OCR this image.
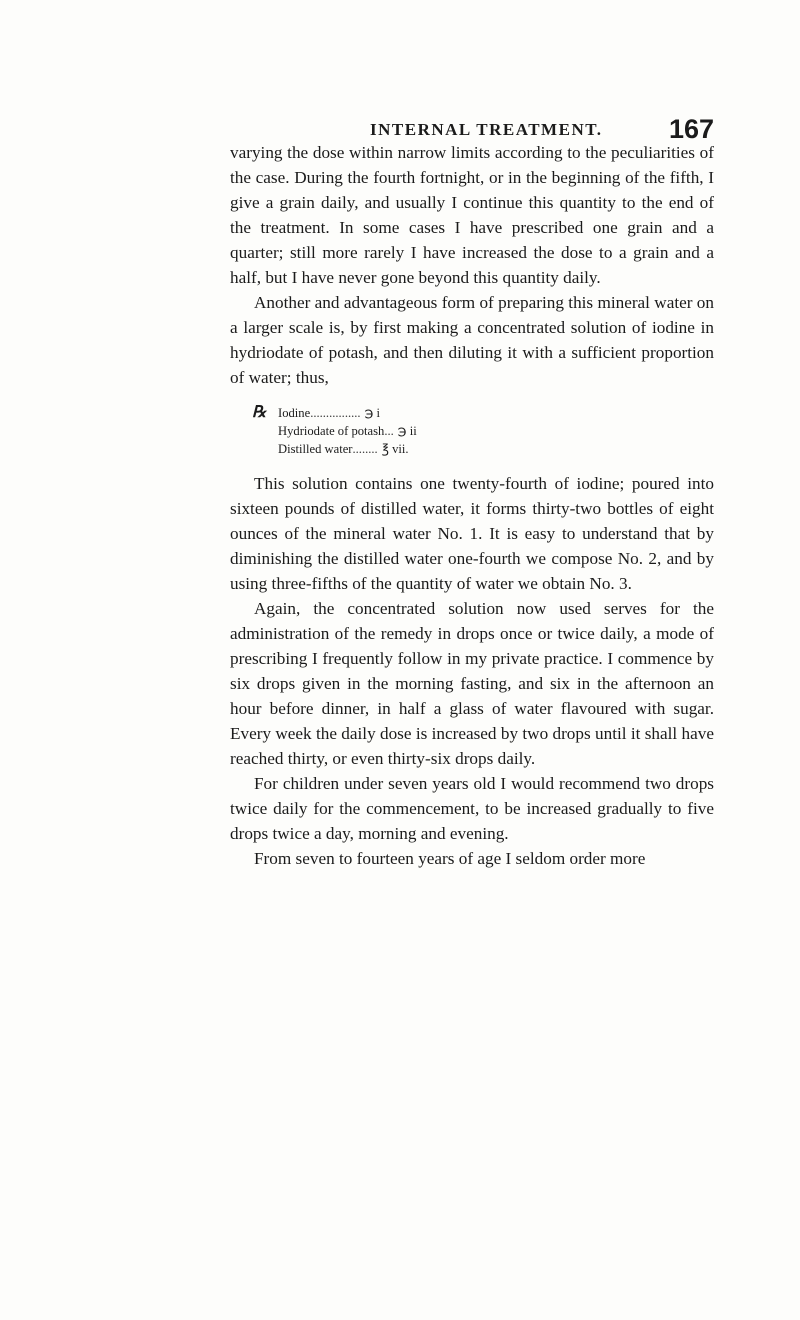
INTERNAL TREATMENT. 167

varying the dose within narrow limits according to the peculiarities of the case. During the fourth fortnight, or in the beginning of the fifth, I give a grain daily, and usually I continue this quantity to the end of the treatment. In some cases I have prescribed one grain and a quarter; still more rarely I have increased the dose to a grain and a half, but I have never gone beyond this quantity daily.

Another and advantageous form of preparing this mineral water on a larger scale is, by first making a concentrated solution of iodine in hydriodate of potash, and then diluting it with a sufficient proportion of water; thus,

℞ Iodine ................ ℈ i
Hydriodate of potash ... ℈ ii
Distilled water ........ ℥ vii.

This solution contains one twenty-fourth of iodine; poured into sixteen pounds of distilled water, it forms thirty-two bottles of eight ounces of the mineral water No. 1. It is easy to understand that by diminishing the distilled water one-fourth we compose No. 2, and by using three-fifths of the quantity of water we obtain No. 3.

Again, the concentrated solution now used serves for the administration of the remedy in drops once or twice daily, a mode of prescribing I frequently follow in my private practice. I commence by six drops given in the morning fasting, and six in the afternoon an hour before dinner, in half a glass of water flavoured with sugar. Every week the daily dose is increased by two drops until it shall have reached thirty, or even thirty-six drops daily.

For children under seven years old I would recommend two drops twice daily for the commencement, to be increased gradually to five drops twice a day, morning and evening.

From seven to fourteen years of age I seldom order more
